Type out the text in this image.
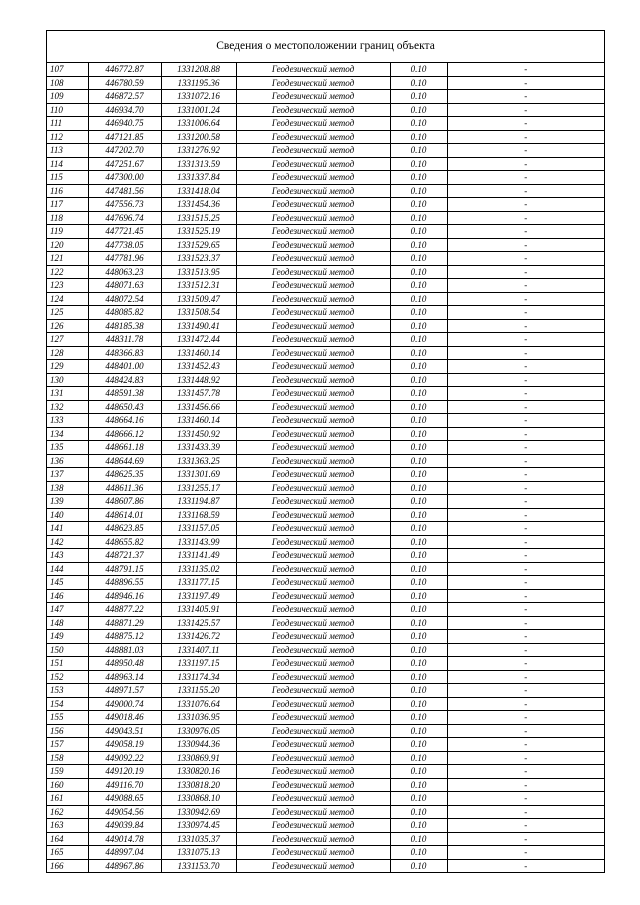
Сведения о местоположении границ объекта
107	446772.87	1331208.88	Геодезический метод	0.10	-
108	446780.59	1331195.36	Геодезический метод	0.10	-
109	446872.57	1331072.16	Геодезический метод	0.10	-
110	446934.70	1331001.24	Геодезический метод	0.10	-
111	446940.75	1331006.64	Геодезический метод	0.10	-
112	447121.85	1331200.58	Геодезический метод	0.10	-
113	447202.70	1331276.92	Геодезический метод	0.10	-
114	447251.67	1331313.59	Геодезический метод	0.10	-
115	447300.00	1331337.84	Геодезический метод	0.10	-
116	447481.56	1331418.04	Геодезический метод	0.10	-
117	447556.73	1331454.36	Геодезический метод	0.10	-
118	447696.74	1331515.25	Геодезический метод	0.10	-
119	447721.45	1331525.19	Геодезический метод	0.10	-
120	447738.05	1331529.65	Геодезический метод	0.10	-
121	447781.96	1331523.37	Геодезический метод	0.10	-
122	448063.23	1331513.95	Геодезический метод	0.10	-
123	448071.63	1331512.31	Геодезический метод	0.10	-
124	448072.54	1331509.47	Геодезический метод	0.10	-
125	448085.82	1331508.54	Геодезический метод	0.10	-
126	448185.38	1331490.41	Геодезический метод	0.10	-
127	448311.78	1331472.44	Геодезический метод	0.10	-
128	448366.83	1331460.14	Геодезический метод	0.10	-
129	448401.00	1331452.43	Геодезический метод	0.10	-
130	448424.83	1331448.92	Геодезический метод	0.10	-
131	448591.38	1331457.78	Геодезический метод	0.10	-
132	448650.43	1331456.66	Геодезический метод	0.10	-
133	448664.16	1331460.14	Геодезический метод	0.10	-
134	448666.12	1331450.92	Геодезический метод	0.10	-
135	448661.18	1331433.39	Геодезический метод	0.10	-
136	448644.69	1331363.25	Геодезический метод	0.10	-
137	448625.35	1331301.69	Геодезический метод	0.10	-
138	448611.36	1331255.17	Геодезический метод	0.10	-
139	448607.86	1331194.87	Геодезический метод	0.10	-
140	448614.01	1331168.59	Геодезический метод	0.10	-
141	448623.85	1331157.05	Геодезический метод	0.10	-
142	448655.82	1331143.99	Геодезический метод	0.10	-
143	448721.37	1331141.49	Геодезический метод	0.10	-
144	448791.15	1331135.02	Геодезический метод	0.10	-
145	448896.55	1331177.15	Геодезический метод	0.10	-
146	448946.16	1331197.49	Геодезический метод	0.10	-
147	448877.22	1331405.91	Геодезический метод	0.10	-
148	448871.29	1331425.57	Геодезический метод	0.10	-
149	448875.12	1331426.72	Геодезический метод	0.10	-
150	448881.03	1331407.11	Геодезический метод	0.10	-
151	448950.48	1331197.15	Геодезический метод	0.10	-
152	448963.14	1331174.34	Геодезический метод	0.10	-
153	448971.57	1331155.20	Геодезический метод	0.10	-
154	449000.74	1331076.64	Геодезический метод	0.10	-
155	449018.46	1331036.95	Геодезический метод	0.10	-
156	449043.51	1330976.05	Геодезический метод	0.10	-
157	449058.19	1330944.36	Геодезический метод	0.10	-
158	449092.22	1330869.91	Геодезический метод	0.10	-
159	449120.19	1330820.16	Геодезический метод	0.10	-
160	449116.70	1330818.20	Геодезический метод	0.10	-
161	449088.65	1330868.10	Геодезический метод	0.10	-
162	449054.56	1330942.69	Геодезический метод	0.10	-
163	449039.84	1330974.45	Геодезический метод	0.10	-
164	449014.78	1331035.37	Геодезический метод	0.10	-
165	448997.04	1331075.13	Геодезический метод	0.10	-
166	448967.86	1331153.70	Геодезический метод	0.10	-
